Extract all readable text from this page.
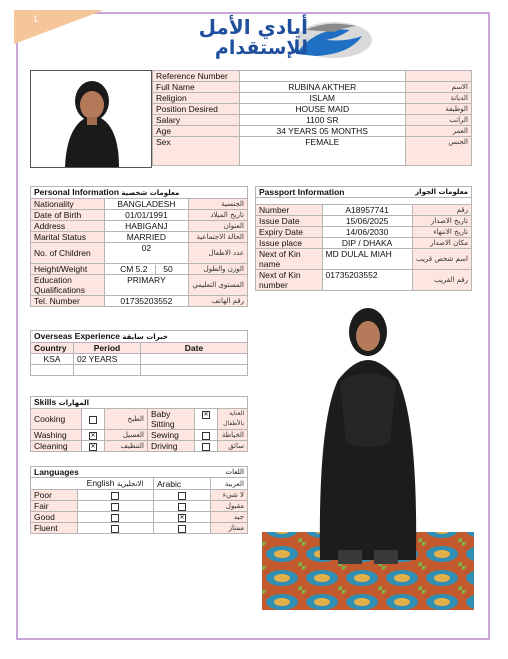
1	أيادي الأمل
للإستقدام
Reference Number		
Full Name	RUBINA AKTHER	الاسم
Religion	ISLAM	الديانة
Position Desired	HOUSE MAID	الوظيفة
Salary	1100 SR	الراتب
Age	34 YEARS 05 MONTHS	العمر
Sex	FEMALE	الجنس
Personal Information معلومات شخصية		
Nationality	BANGLADESH	الجنسية
Date of Birth	01/01/1991	تاريخ الميلاد
Address	HABIGANJ	العنوان
Marital Status	MARRIED	الحالة الاجتماعية
No. of Children	02	عدد الاطفال
Height/Weight	CM 5.2 50	الوزن والطول
Education Qualifications	PRIMARY	المستوى التعليمي
Tel. Number	01735203552	رقم الهاتف
Passport Information		معلومات الجواز

Number	A18957741	رقم
Issue Date	15/06/2025	تاريخ الاصدار
Expiry Date	14/06/2030	تاريخ الانتهاء
Issue place	DIP / DHAKA	مكان الاصدار
Next of Kin name	MD DULAL MIAH	اسم شخص قريب
Next of Kin number	01735203552	رقم القريب
Overseas Experience خبرات سابقة		
Country	Period	Date
KSA	02 YEARS	

Skills المهارات					
Cooking		الطبخ	Baby Sitting	✕	العناية بالأطفال
Washing	✕	الغسيل	Sewing		الخياطة
Cleaning	✕	التنظيف	Driving		سائق
Languages		اللغات	
	English الانجليزية	Arabic	العربية
Poor			لا شيء
Fair			مقبول
Good		✕	جيد
Fluent			ممتاز
